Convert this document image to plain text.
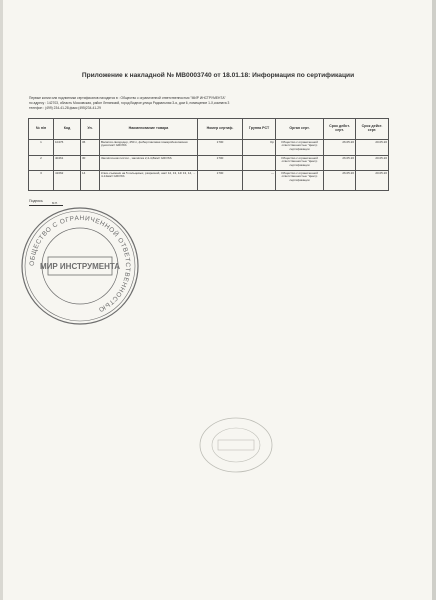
Приложение к накладной № МВ0003740 от 18.01.18: Информация по сертификации
Первые копии или подлинники сертификатов находятся в : Общество с ограниченной ответственностью "МИР ИНСТРУМЕНТА"
по адресу : 142703, область Московская, район Ленинский, город Видное,улица Радиальная 3-я, дом 6, помещение 1-Х,комната 3
телефон : (499) 234-41-28,факс:(495)234-41-29
№ п/п	Код	Уп.	Наименование товара	Номер сертиф.	Группа РСТ	Орган серт.	Срок дейст. серт.	Срок дейст. серт.
1	10476	36	Валатия-гвоздодер, 450 л, фибергласовая пожаробезопасная рукоятка// GROSS	1700	Ор	Общество с ограниченной ответственностью "Центр сертификации	26.05.20	20.05.20
2	40461	30	Заклёпочник пистол., заклёпка 2,4-4,8мм// GROSS	1700		Общество с ограниченной ответственностью "Центр сертификации	26.05.20	20.05.20
3	41662	14	Ключ-съемник на 5 кольцевых, разрезной, шаг/ 12, 13, 14/ 13, 14, ... 4-14мм// GROSS	1700	—	Общество с ограниченной ответственностью "Центр сертификации	26.05.20	20.05.20
Подпись	М.П.
ОБЩЕСТВО С ОГРАНИЧЕННОЙ ОТВЕТСТВЕННОСТЬЮ
МИР ИНСТРУМЕНТА
